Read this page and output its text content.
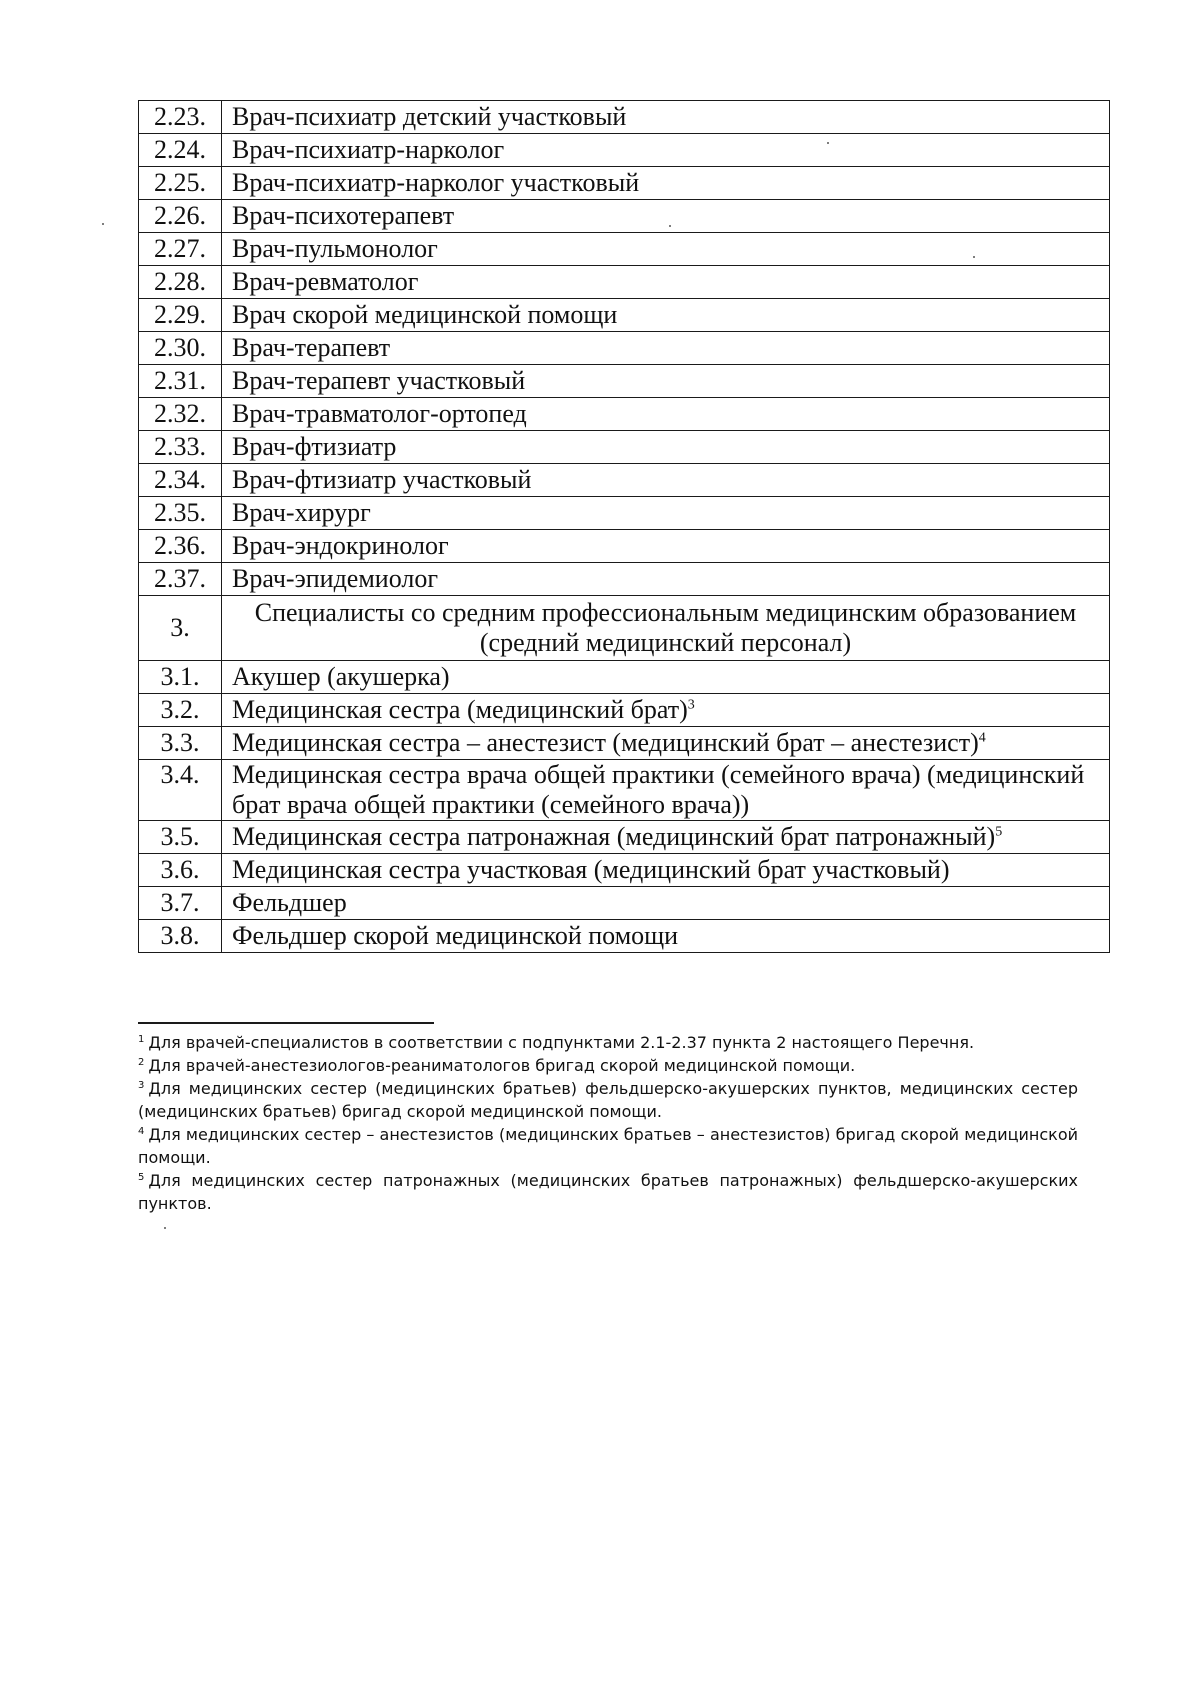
2.23.	Врач-психиатр детский участковый
2.24.	Врач-психиатр-нарколог
2.25.	Врач-психиатр-нарколог участковый
2.26.	Врач-психотерапевт
2.27.	Врач-пульмонолог
2.28.	Врач-ревматолог
2.29.	Врач скорой медицинской помощи
2.30.	Врач-терапевт
2.31.	Врач-терапевт участковый
2.32.	Врач-травматолог-ортопед
2.33.	Врач-фтизиатр
2.34.	Врач-фтизиатр участковый
2.35.	Врач-хирург
2.36.	Врач-эндокринолог
2.37.	Врач-эпидемиолог
3.	Специалисты со средним профессиональным медицинским образованием (средний медицинский персонал)
3.1.	Акушер (акушерка)
3.2.	Медицинская сестра (медицинский брат)$^3$
3.3.	Медицинская сестра – анестезист (медицинский брат – анестезист)$^4$
3.4.	Медицинская сестра врача общей практики (семейного врача) (медицинский брат врача общей практики (семейного врача))
3.5.	Медицинская сестра патронажная (медицинский брат патронажный)$^5$
3.6.	Медицинская сестра участковая (медицинский брат участковый)
3.7.	Фельдшер
3.8.	Фельдшер скорой медицинской помощи

$^1$ Для врачей-специалистов в соответствии с подпунктами 2.1-2.37 пункта 2 настоящего Перечня.

$^2$ Для врачей-анестезиологов-реаниматологов бригад скорой медицинской помощи.

$^3$ Для медицинских сестер (медицинских братьев) фельдшерско-акушерских пунктов, медицинских сестер (медицинских братьев) бригад скорой медицинской помощи.

$^4$ Для медицинских сестер – анестезистов (медицинских братьев – анестезистов) бригад скорой медицинской помощи.

$^5$ Для медицинских сестер патронажных (медицинских братьев патронажных) фельдшерско-акушерских пунктов.
